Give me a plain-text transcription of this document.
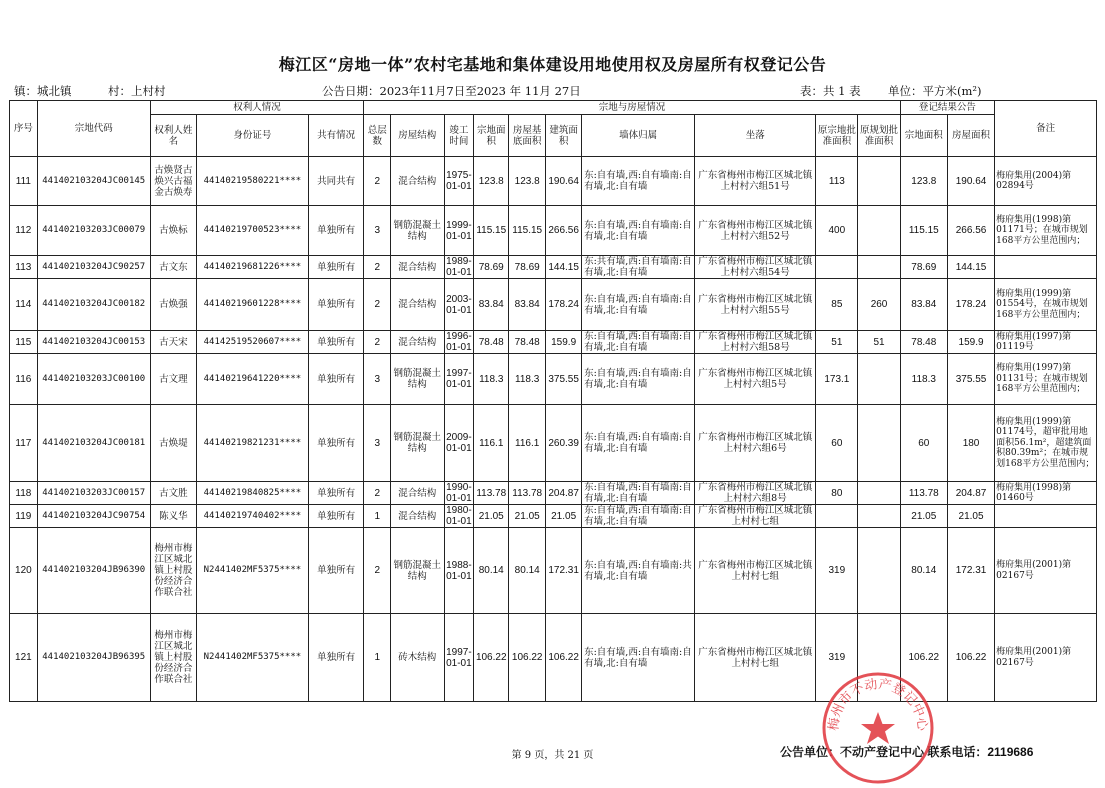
梅江区“房地一体”农村宅基地和集体建设用地使用权及房屋所有权登记公告
镇：城北镇	村：上村村	公告日期：2023年11月7日至2023 年 11月 27日	表：共 1 表 单位：平方米(m²)
序号	宗地代码	权利人情况			宗地与房屋情况										登记结果公告		备注
		权利人姓名	身份证号	共有情况	总层数	房屋结构	竣工时间	宗地面积	房屋基底面积	建筑面积	墙体归属	坐落	原宗地批准面积	原规划批准面积	宗地面积	房屋面积	
111	441402103204JC00145	古焕贤古焕兴古福金古焕寿	44140219580221****	共同共有	2	混合结构	1975-01-01	123.8	123.8	190.64	东:自有墙,西:自有墙南:自有墙,北:自有墙	广东省梅州市梅江区城北镇上村村六组51号	113		123.8	190.64	梅府集用(2004)第02894号
112	441402103203JC00079	古焕标	44140219700523****	单独所有	3	钢筋混凝土结构	1999-01-01	115.15	115.15	266.56	东:自有墙,西:自有墙南:自有墙,北:自有墙	广东省梅州市梅江区城北镇上村村六组52号	400		115.15	266.56	梅府集用(1998)第01171号；在城市规划168平方公里范围内；
113	441402103204JC90257	古文东	44140219681226****	单独所有	2	混合结构	1989-01-01	78.69	78.69	144.15	东:共有墙,西:自有墙南:自有墙,北:自有墙	广东省梅州市梅江区城北镇上村村六组54号			78.69	144.15	
114	441402103204JC00182	古焕强	44140219601228****	单独所有	2	混合结构	2003-01-01	83.84	83.84	178.24	东:自有墙,西:自有墙南:自有墙,北:自有墙	广东省梅州市梅江区城北镇上村村六组55号	85	260	83.84	178.24	梅府集用(1999)第01554号，在城市规划168平方公里范围内；
115	441402103204JC00153	古天宋	44142519520607****	单独所有	2	混合结构	1996-01-01	78.48	78.48	159.9	东:自有墙,西:自有墙南:自有墙,北:自有墙	广东省梅州市梅江区城北镇上村村六组58号	51	51	78.48	159.9	梅府集用(1997)第01119号
116	441402103203JC00100	古文理	44140219641220****	单独所有	3	钢筋混凝土结构	1997-01-01	118.3	118.3	375.55	东:自有墙,西:自有墙南:自有墙,北:自有墙	广东省梅州市梅江区城北镇上村村六组5号	173.1		118.3	375.55	梅府集用(1997)第01131号；在城市规划168平方公里范围内；
117	441402103204JC00181	古焕堤	44140219821231****	单独所有	3	钢筋混凝土结构	2009-01-01	116.1	116.1	260.39	东:自有墙,西:自有墙南:自有墙,北:自有墙	广东省梅州市梅江区城北镇上村村六组6号	60		60	180	梅府集用(1999)第01174号，超审批用地面积56.1m²，超建筑面积80.39m²；在城市规划168平方公里范围内；
118	441402103203JC00157	古文胜	44140219840825****	单独所有	2	混合结构	1990-01-01	113.78	113.78	204.87	东:自有墙,西:自有墙南:自有墙,北:自有墙	广东省梅州市梅江区城北镇上村村六组8号	80		113.78	204.87	梅府集用(1998)第01460号
119	441402103204JC90754	陈义华	44140219740402****	单独所有	1	混合结构	1980-01-01	21.05	21.05	21.05	东:自有墙,西:自有墙南:自有墙,北:自有墙	广东省梅州市梅江区城北镇上村村七组			21.05	21.05	
120	441402103204JB96390	梅州市梅江区城北镇上村股份经济合作联合社	N2441402MF5375****	单独所有	2	钢筋混凝土结构	1988-01-01	80.14	80.14	172.31	东:自有墙,西:自有墙南:共有墙,北:自有墙	广东省梅州市梅江区城北镇上村村七组	319		80.14	172.31	梅府集用(2001)第02167号
121	441402103204JB96395	梅州市梅江区城北镇上村股份经济合作联合社	N2441402MF5375****	单独所有	1	砖木结构	1997-01-01	106.22	106.22	106.22	东:自有墙,西:自有墙南:自有墙,北:自有墙	广东省梅州市梅江区城北镇上村村七组	319		106.22	106.22	梅府集用(2001)第02167号
第 9 页，共 21 页	公告单位：不动产登记中心 联系电话：2119686
梅州市不动产登记中心
